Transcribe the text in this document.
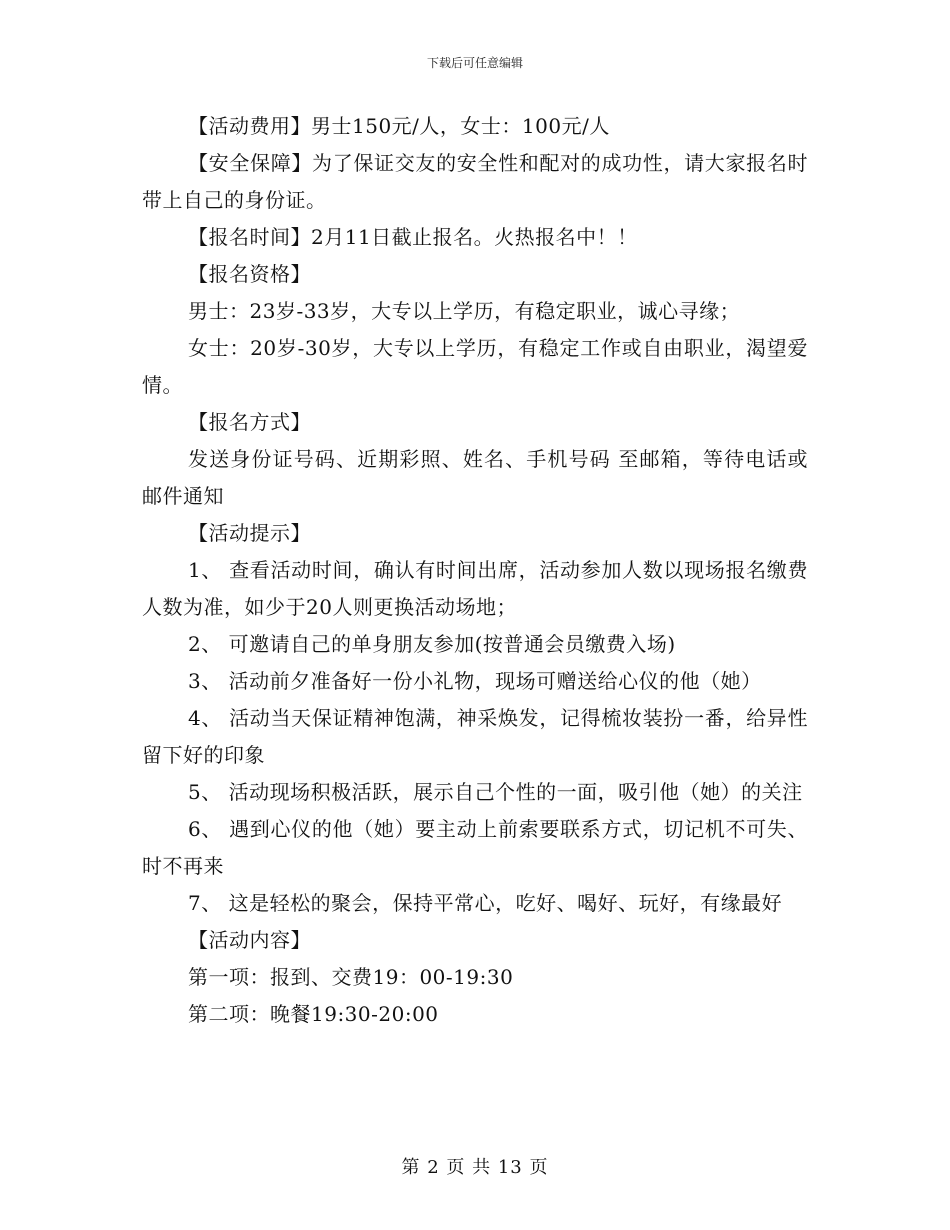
下载后可任意编辑

【活动费用】男士150元/人，女士：100元/人

【安全保障】为了保证交友的安全性和配对的成功性，请大家报名时带上自己的身份证。

【报名时间】2月11日截止报名。火热报名中！！

【报名资格】

男士：23岁-33岁，大专以上学历，有稳定职业，诚心寻缘；

女士：20岁-30岁，大专以上学历，有稳定工作或自由职业，渴望爱情。

【报名方式】

发送身份证号码、近期彩照、姓名、手机号码 至邮箱，等待电话或邮件通知

【活动提示】

1、 查看活动时间，确认有时间出席，活动参加人数以现场报名缴费人数为准，如少于20人则更换活动场地；

2、 可邀请自己的单身朋友参加(按普通会员缴费入场)

3、 活动前夕准备好一份小礼物，现场可赠送给心仪的他（她）

4、 活动当天保证精神饱满，神采焕发，记得梳妆装扮一番，给异性留下好的印象

5、 活动现场积极活跃，展示自己个性的一面，吸引他（她）的关注

6、 遇到心仪的他（她）要主动上前索要联系方式，切记机不可失、时不再来

7、 这是轻松的聚会，保持平常心，吃好、喝好、玩好，有缘最好

【活动内容】

第一项：报到、交费19：00-19:30

第二项：晚餐19:30-20:00

第 2 页 共 13 页
